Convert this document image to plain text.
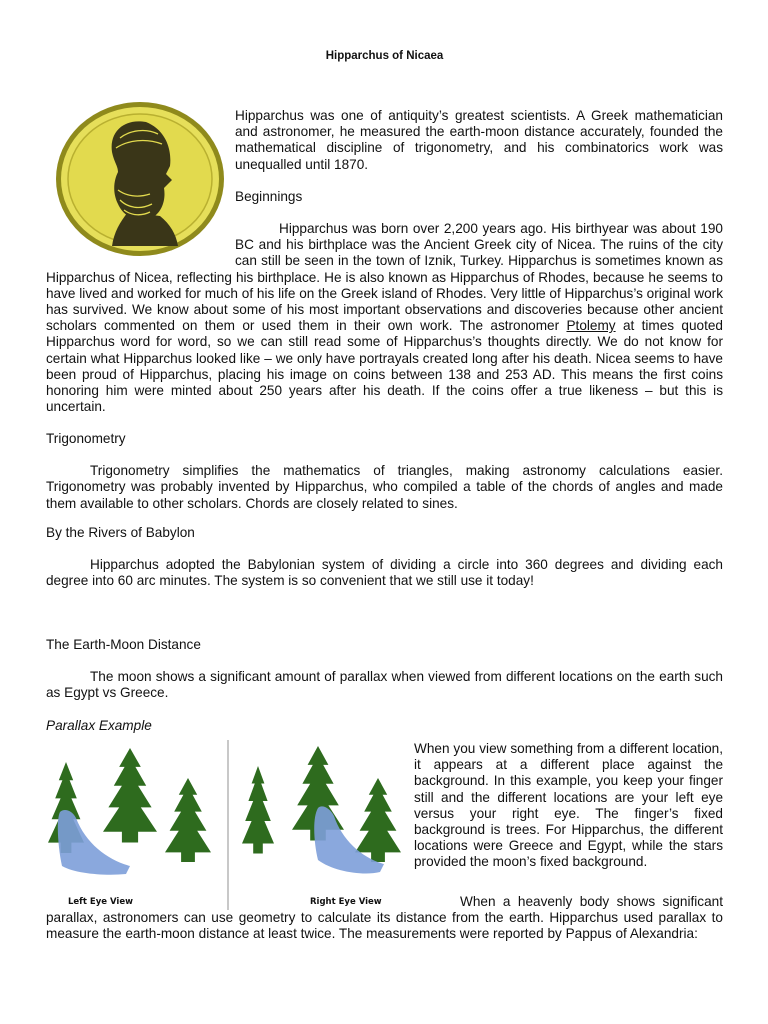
Hipparchus of Nicaea

Hipparchus was one of antiquity’s greatest scientists. A Greek mathematician and astronomer, he measured the earth-moon distance accurately, founded the mathematical discipline of trigonometry, and his combinatorics work was unequalled until 1870.

Beginnings

Hipparchus was born over 2,200 years ago. His birthyear was about 190 BC and his birthplace was the Ancient Greek city of Nicea. The ruins of the city can still be seen in the town of Iznik, Turkey. Hipparchus is sometimes known as Hipparchus of Nicea, reflecting his birthplace. He is also known as Hipparchus of Rhodes, because he seems to have lived and worked for much of his life on the Greek island of Rhodes. Very little of Hipparchus’s original work has survived. We know about some of his most important observations and discoveries because other ancient scholars commented on them or used them in their own work. The astronomer Ptolemy at times quoted Hipparchus word for word, so we can still read some of Hipparchus’s thoughts directly. We do not know for certain what Hipparchus looked like – we only have portrayals created long after his death. Nicea seems to have been proud of Hipparchus, placing his image on coins between 138 and 253 AD. This means the first coins honoring him were minted about 250 years after his death. If the coins offer a true likeness – but this is uncertain.

Trigonometry

Trigonometry simplifies the mathematics of triangles, making astronomy calculations easier. Trigonometry was probably invented by Hipparchus, who compiled a table of the chords of angles and made them available to other scholars. Chords are closely related to sines.

By the Rivers of Babylon

Hipparchus adopted the Babylonian system of dividing a circle into 360 degrees and dividing each degree into 60 arc minutes. The system is so convenient that we still use it today!

The Earth-Moon Distance

The moon shows a significant amount of parallax when viewed from different locations on the earth such as Egypt vs Greece.

Parallax Example

Left Eye View	Right Eye View

When you view something from a different location, it appears at a different place against the background. In this example, you keep your finger still and the different locations are your left eye versus your right eye. The finger’s fixed background is trees. For Hipparchus, the different locations were Greece and Egypt, while the stars provided the moon’s fixed background.

When a heavenly body shows significant parallax, astronomers can use geometry to calculate its distance from the earth. Hipparchus used parallax to measure the earth-moon distance at least twice. The measurements were reported by Pappus of Alexandria:
